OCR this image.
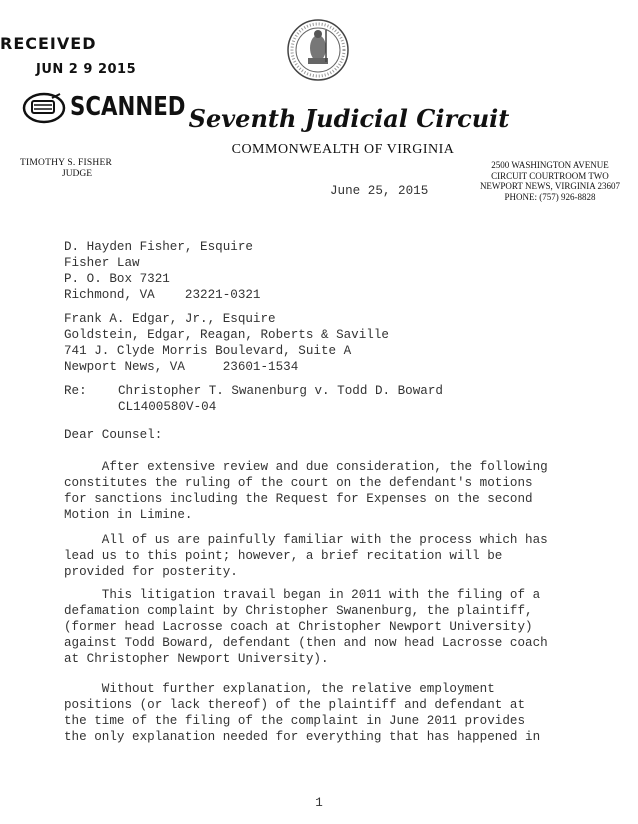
RECEIVED
JUN 2 9 2015
SCANNED Seventh Judicial Circuit
COMMONWEALTH OF VIRGINIA
TIMOTHY S. FISHER
JUDGE
2500 WASHINGTON AVENUE
CIRCUIT COURTROOM TWO
NEWPORT NEWS, VIRGINIA 23607
PHONE: (757) 926-8828
June 25, 2015
D. Hayden Fisher, Esquire
Fisher Law
P. O. Box 7321
Richmond, VA    23221-0321
Frank A. Edgar, Jr., Esquire
Goldstein, Edgar, Reagan, Roberts & Saville
741 J. Clyde Morris Boulevard, Suite A
Newport News, VA     23601-1534
Re: Christopher T. Swanenburg v. Todd D. Boward
CL1400580V-04
Dear Counsel:
After extensive review and due consideration, the following
constitutes the ruling of the court on the defendant's motions
for sanctions including the Request for Expenses on the second
Motion in Limine.
All of us are painfully familiar with the process which has
lead us to this point; however, a brief recitation will be
provided for posterity.
This litigation travail began in 2011 with the filing of a
defamation complaint by Christopher Swanenburg, the plaintiff,
(former head Lacrosse coach at Christopher Newport University)
against Todd Boward, defendant (then and now head Lacrosse coach
at Christopher Newport University).
Without further explanation, the relative employment
positions (or lack thereof) of the plaintiff and defendant at
the time of the filing of the complaint in June 2011 provides
the only explanation needed for everything that has happened in
1
